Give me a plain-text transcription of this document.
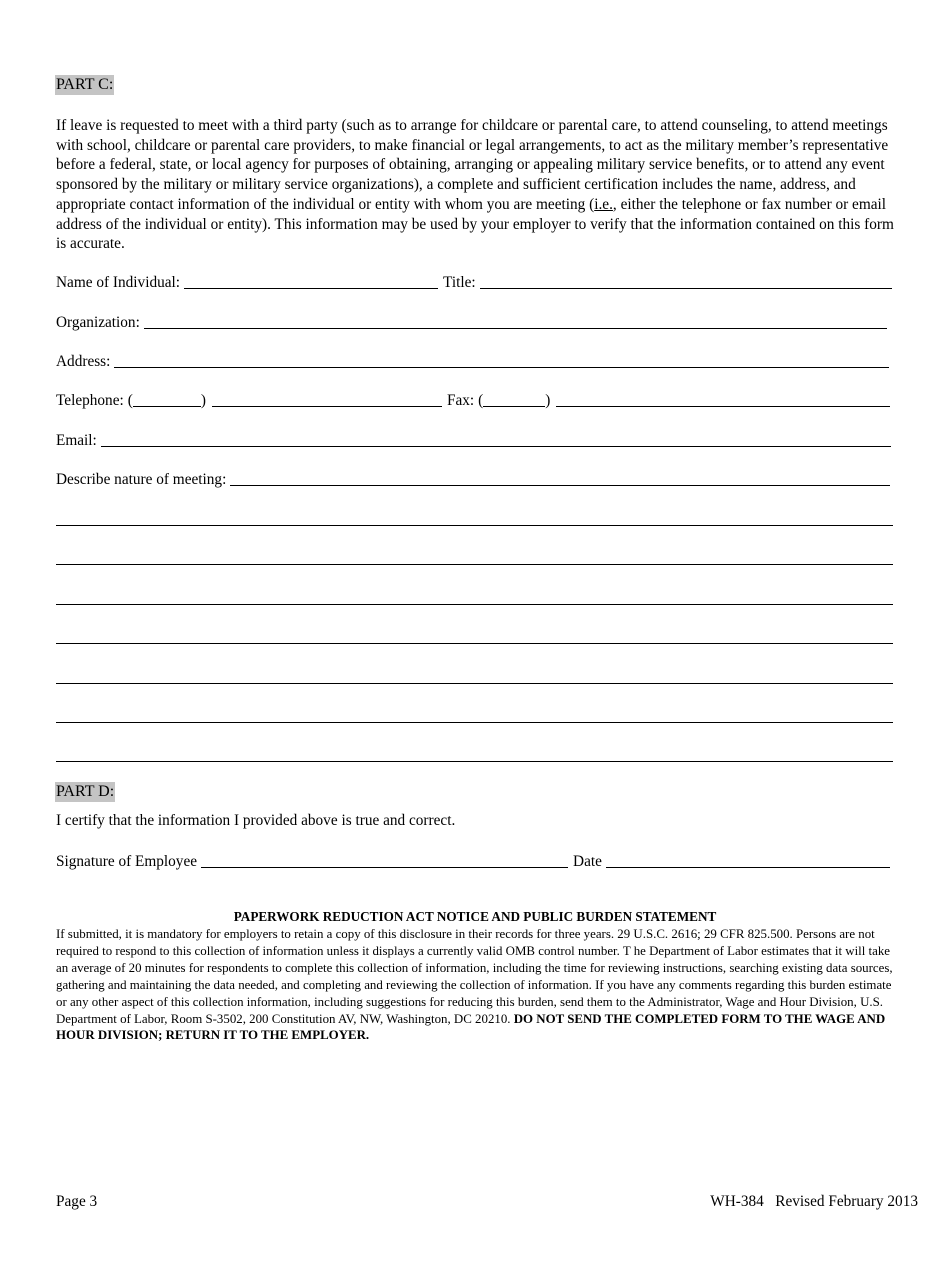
PART C:
If leave is requested to meet with a third party (such as to arrange for childcare or parental care, to attend counseling, to attend meetings with school, childcare or parental care providers, to make financial or legal arrangements, to act as the military member’s representative before a federal, state, or local agency for purposes of obtaining, arranging or appealing military service benefits, or to attend any event sponsored by the military or military service organizations), a complete and sufficient certification includes the name, address, and appropriate contact information of the individual or entity with whom you are meeting (i.e., either the telephone or fax number or email address of the individual or entity). This information may be used by your employer to verify that the information contained on this form is accurate.
Name of Individual:	Title:
Organization:
Address:
Telephone: (	)	Fax: (	)
Email:
Describe nature of meeting:
PART D:
I certify that the information I provided above is true and correct.
Signature of Employee	Date
PAPERWORK REDUCTION ACT NOTICE AND PUBLIC BURDEN STATEMENT
If submitted, it is mandatory for employers to retain a copy of this disclosure in their records for three years. 29 U.S.C. 2616; 29 CFR 825.500. Persons are not required to respond to this collection of information unless it displays a currently valid OMB control number. T he Department of Labor estimates that it will take an average of 20 minutes for respondents to complete this collection of information, including the time for reviewing instructions, searching existing data sources, gathering and maintaining the data needed, and completing and reviewing the collection of information. If you have any comments regarding this burden estimate or any other aspect of this collection information, including suggestions for reducing this burden, send them to the Administrator, Wage and Hour Division, U.S. Department of Labor, Room S-3502, 200 Constitution AV, NW, Washington, DC 20210. DO NOT SEND THE COMPLETED FORM TO THE WAGE AND HOUR DIVISION; RETURN IT TO THE EMPLOYER.
Page 3	WH-384   Revised February 2013
